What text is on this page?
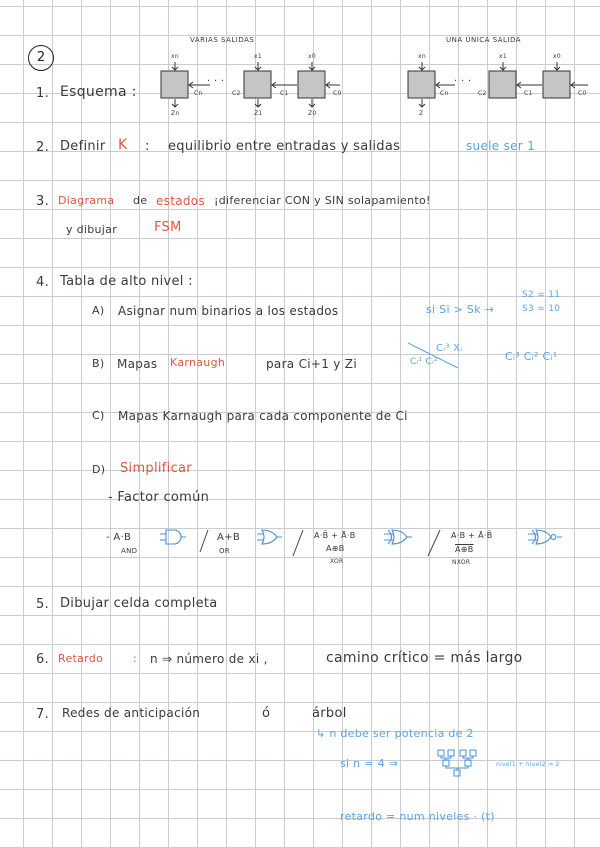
2
VARIAS SALIDAS	UNA ÚNICA SALIDA
xn	x1	x0
Zn	Z1	Z0
Cn	C2	C1	C0
· · ·
xn	x1	x0
Z
Cn	C2	C1	C0
· · ·
1. Esquema :
2. Definir K : equilibrio entre entradas y salidas	suele ser 1
3. Diagrama de estados ¡diferenciar CON y SIN solapamiento!
y dibujar	FSM
4. Tabla de alto nivel :
A) Asignar num binarios a los estados	si Si > Sk →
S2 = 11
S3 = 10
B) Mapas Karnaugh	para Ci+1 y Zi
Cᵢ³ Xᵢ
Cᵢ¹ Cᵢ²	Cᵢ³ Cᵢ² Cᵢ¹
C) Mapas Karnaugh para cada componente de Ci
D) Simplificar
- Factor común
- A·B
AND
A+B
OR
A·B̄ + Ā·B
A⊕B
XOR
A·B + Ā·B̄
A⊕B
NXOR
5. Dibujar celda completa
6. Retardo	: n ⇒ número de xi ,	camino crítico = más largo
7. Redes de anticipación	ó	árbol
↳ n debe ser potencia de 2
si n = 4 ⇒	nivel1 + nivel2 ⇒ 2
retardo = num niveles · (t)
